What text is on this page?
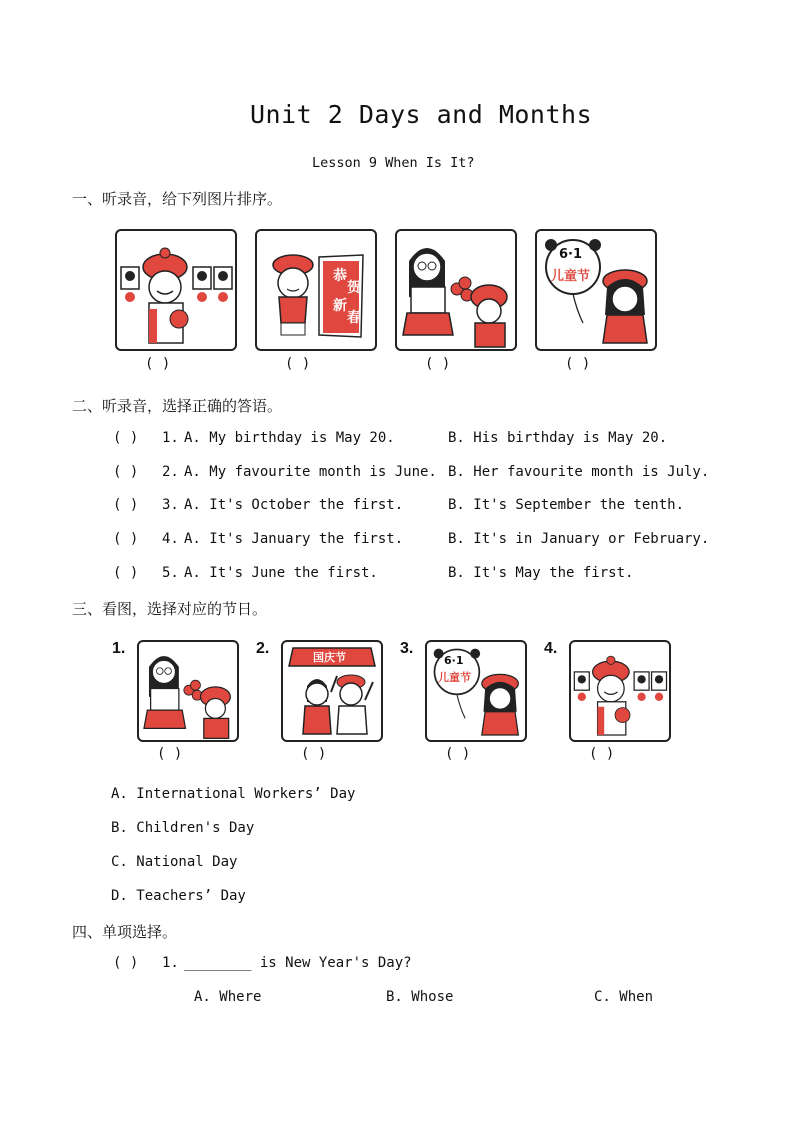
Unit 2 Days and Months
Lesson 9 When Is It?
一、听录音，给下列图片排序。
( )
恭
贺
新
春
( )	( )
6·1
儿童节
( )
二、听录音，选择正确的答语。
( ) 1. A. My birthday is May 20.	B. His birthday is May 20.
( ) 2. A. My favourite month is June. B. Her favourite month is July.
( ) 3. A. It's October the first.	B. It's September the tenth.
( ) 4. A. It's January the first.	B. It's in January or February.
( ) 5. A. It's June the first.	B. It's May the first.
三、看图，选择对应的节日。
1.
( )
2.
国庆节
( )
3.
6·1
儿童节
( )
4.
( )
A. International Workers’ Day
B. Children's Day
C. National Day
D. Teachers’ Day
四、单项选择。
( ) 1. ________ is New Year's Day?
A. Where	B. Whose	C. When
